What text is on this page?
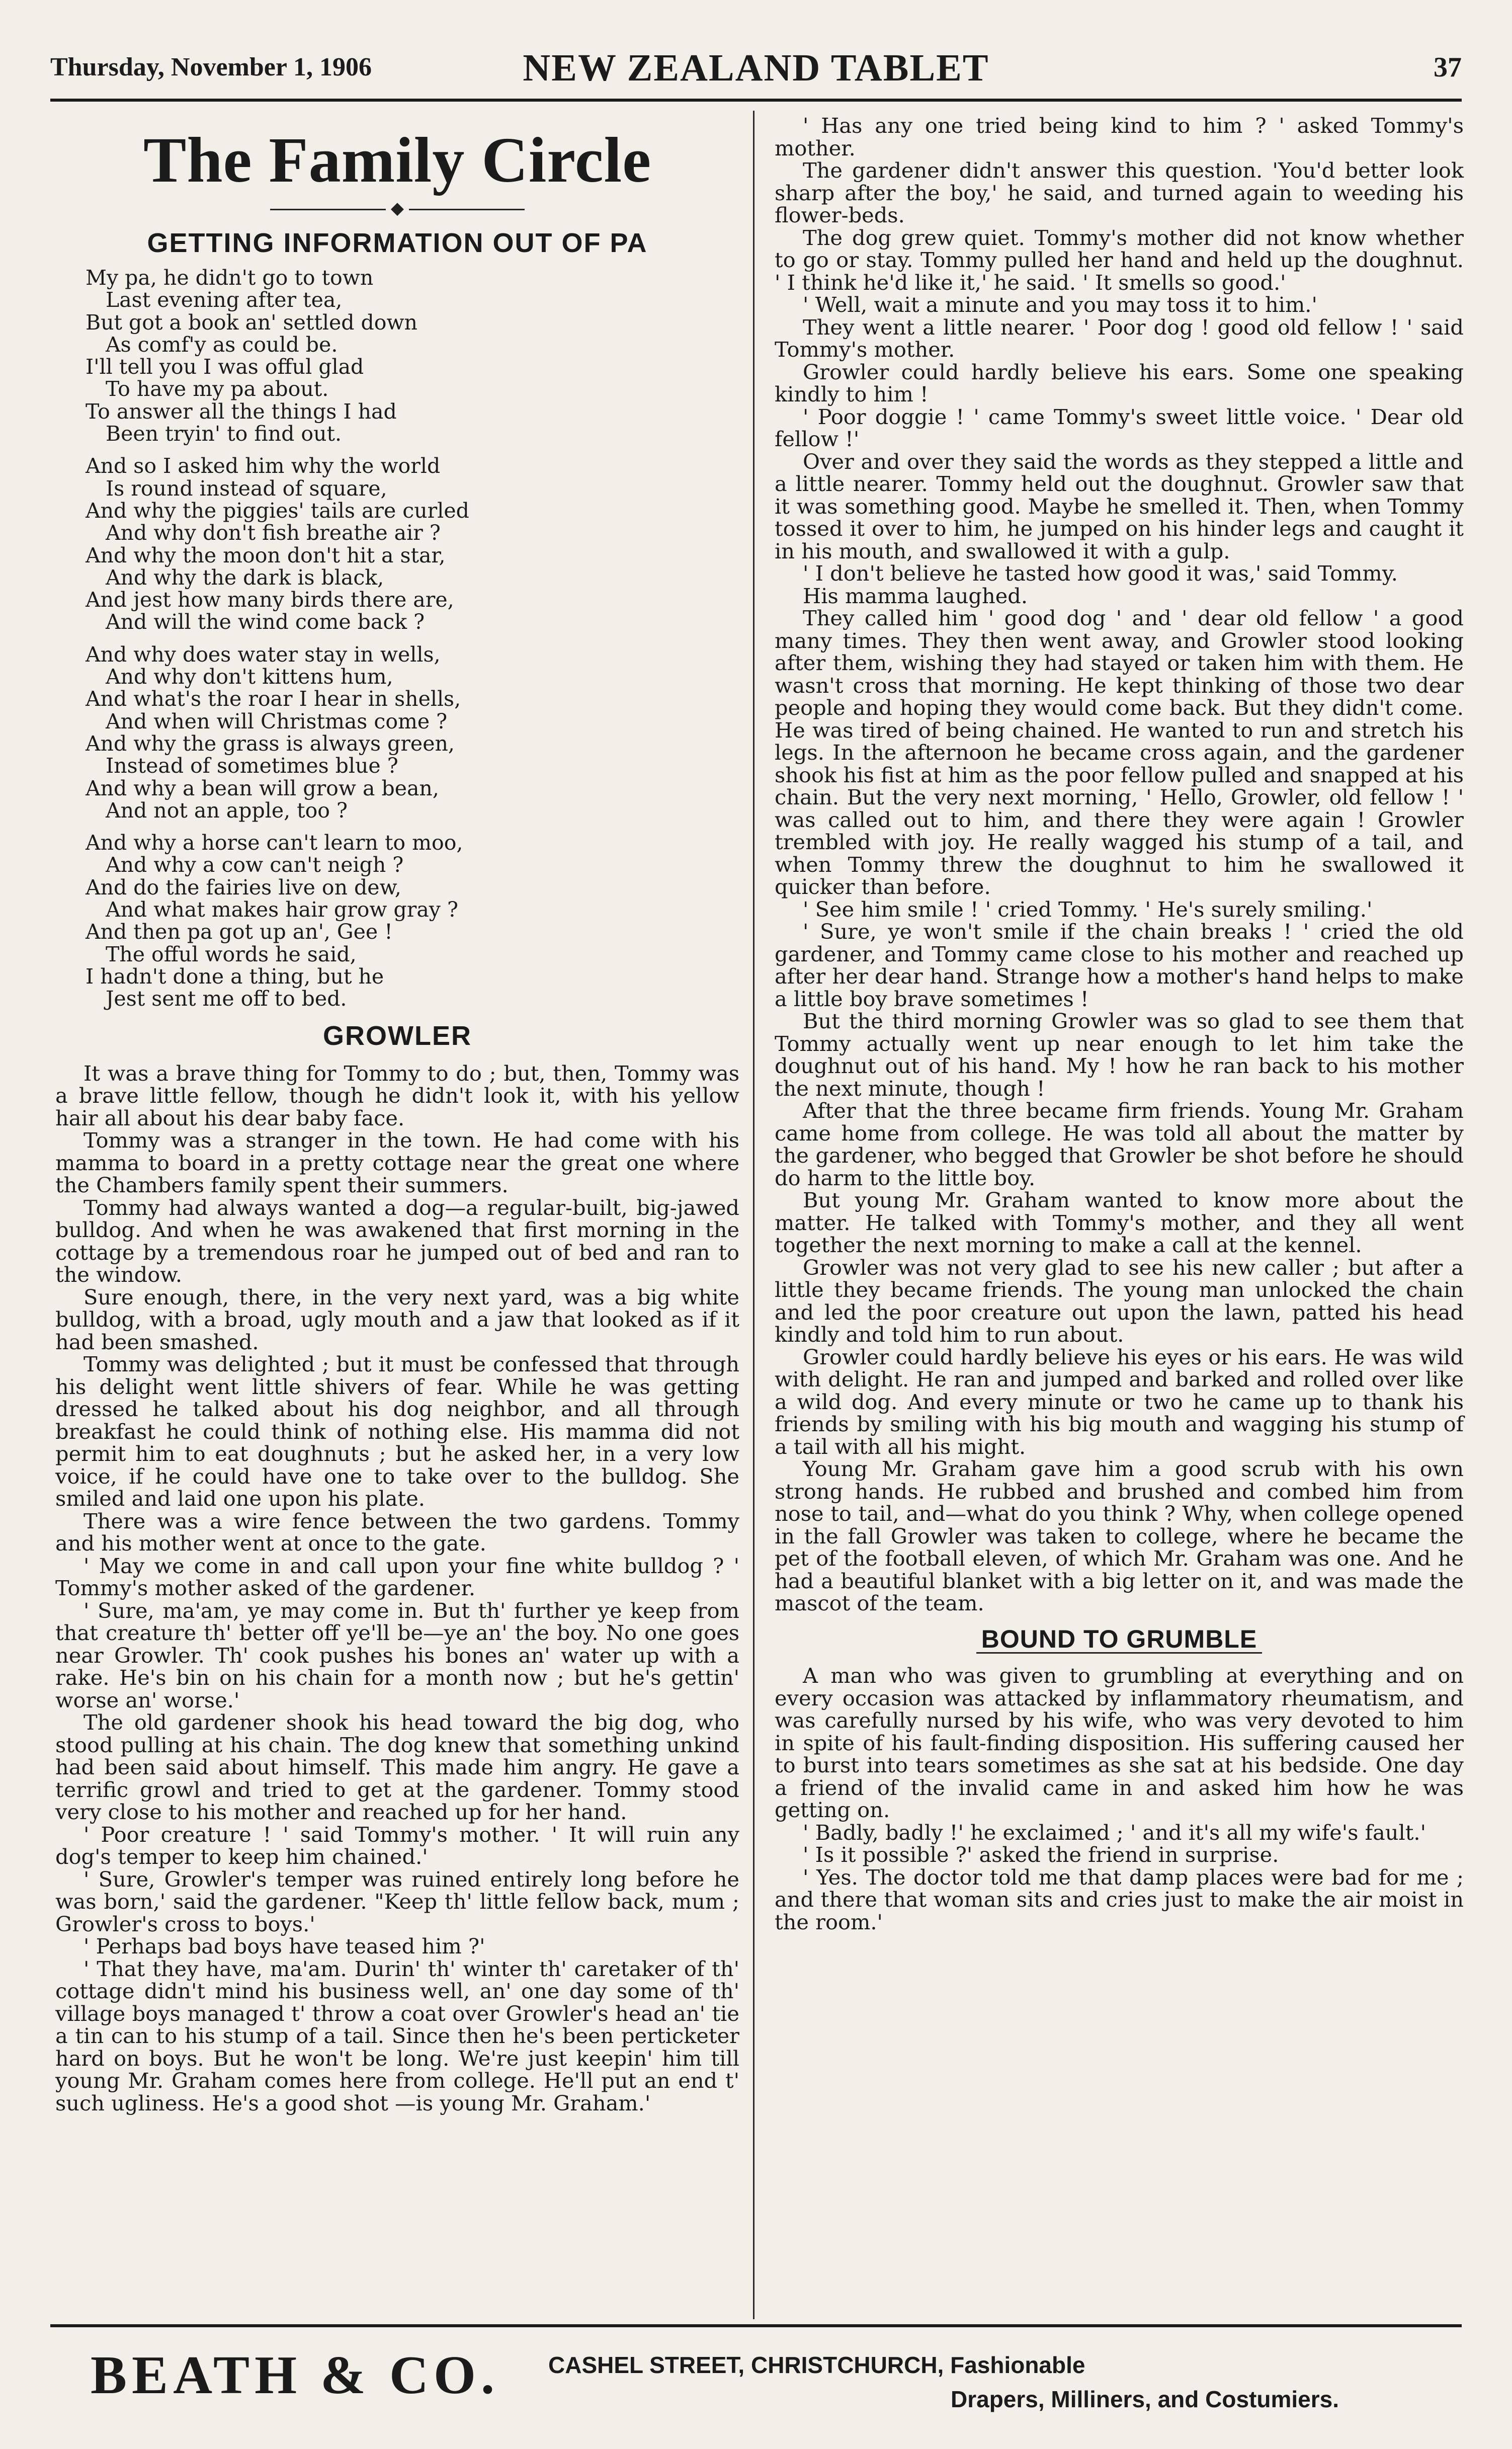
Thursday, November 1, 1906	NEW ZEALAND TABLET	37
The Family Circle
◆
GETTING INFORMATION OUT OF PA
My pa, he didn't go to town
Last evening after tea,
But got a book an' settled down
As comf'y as could be.
I'll tell you I was offul glad
To have my pa about.
To answer all the things I had
Been tryin' to find out.
And so I asked him why the world
Is round instead of square,
And why the piggies' tails are curled
And why don't fish breathe air ?
And why the moon don't hit a star,
And why the dark is black,
And jest how many birds there are,
And will the wind come back ?
And why does water stay in wells,
And why don't kittens hum,
And what's the roar I hear in shells,
And when will Christmas come ?
And why the grass is always green,
Instead of sometimes blue ?
And why a bean will grow a bean,
And not an apple, too ?
And why a horse can't learn to moo,
And why a cow can't neigh ?
And do the fairies live on dew,
And what makes hair grow gray ?
And then pa got up an', Gee !
The offul words he said,
I hadn't done a thing, but he
Jest sent me off to bed.
GROWLER

It was a brave thing for Tommy to do ; but, then, Tommy was a brave little fellow, though he didn't look it, with his yellow hair all about his dear baby face.

Tommy was a stranger in the town. He had come with his mamma to board in a pretty cottage near the great one where the Chambers family spent their summers.

Tommy had always wanted a dog—a regular-built, big-jawed bulldog. And when he was awakened that first morning in the cottage by a tremendous roar he jumped out of bed and ran to the window.

Sure enough, there, in the very next yard, was a big white bulldog, with a broad, ugly mouth and a jaw that looked as if it had been smashed.

Tommy was delighted ; but it must be confessed that through his delight went little shivers of fear. While he was getting dressed he talked about his dog neighbor, and all through breakfast he could think of nothing else. His mamma did not permit him to eat doughnuts ; but he asked her, in a very low voice, if he could have one to take over to the bulldog. She smiled and laid one upon his plate.

There was a wire fence between the two gardens. Tommy and his mother went at once to the gate.

' May we come in and call upon your fine white bulldog ? ' Tommy's mother asked of the gardener.

' Sure, ma'am, ye may come in. But th' further ye keep from that creature th' better off ye'll be—ye an' the boy. No one goes near Growler. Th' cook pushes his bones an' water up with a rake. He's bin on his chain for a month now ; but he's gettin' worse an' worse.'

The old gardener shook his head toward the big dog, who stood pulling at his chain. The dog knew that something unkind had been said about himself. This made him angry. He gave a terrific growl and tried to get at the gardener. Tommy stood very close to his mother and reached up for her hand.

' Poor creature ! ' said Tommy's mother. ' It will ruin any dog's temper to keep him chained.'

' Sure, Growler's temper was ruined entirely long before he was born,' said the gardener. "Keep th' little fellow back, mum ; Growler's cross to boys.'

' Perhaps bad boys have teased him ?'

' That they have, ma'am. Durin' th' winter th' caretaker of th' cottage didn't mind his business well, an' one day some of th' village boys managed t' throw a coat over Growler's head an' tie a tin can to his stump of a tail. Since then he's been perticketer hard on boys. But he won't be long. We're just keepin' him till young Mr. Graham comes here from college. He'll put an end t' such ugliness. He's a good shot —is young Mr. Graham.'

' Has any one tried being kind to him ? ' asked Tommy's mother.

The gardener didn't answer this question. 'You'd better look sharp after the boy,' he said, and turned again to weeding his flower-beds.

The dog grew quiet. Tommy's mother did not know whether to go or stay. Tommy pulled her hand and held up the doughnut. ' I think he'd like it,' he said. ' It smells so good.'

' Well, wait a minute and you may toss it to him.'

They went a little nearer. ' Poor dog ! good old fellow ! ' said Tommy's mother.

Growler could hardly believe his ears. Some one speaking kindly to him !

' Poor doggie ! ' came Tommy's sweet little voice. ' Dear old fellow !'

Over and over they said the words as they stepped a little and a little nearer. Tommy held out the doughnut. Growler saw that it was something good. Maybe he smelled it. Then, when Tommy tossed it over to him, he jumped on his hinder legs and caught it in his mouth, and swallowed it with a gulp.

' I don't believe he tasted how good it was,' said Tommy.

His mamma laughed.

They called him ' good dog ' and ' dear old fellow ' a good many times. They then went away, and Growler stood looking after them, wishing they had stayed or taken him with them. He wasn't cross that morning. He kept thinking of those two dear people and hoping they would come back. But they didn't come. He was tired of being chained. He wanted to run and stretch his legs. In the afternoon he became cross again, and the gardener shook his fist at him as the poor fellow pulled and snapped at his chain. But the very next morning, ' Hello, Growler, old fellow ! ' was called out to him, and there they were again ! Growler trembled with joy. He really wagged his stump of a tail, and when Tommy threw the doughnut to him he swallowed it quicker than before.

' See him smile ! ' cried Tommy. ' He's surely smiling.'

' Sure, ye won't smile if the chain breaks ! ' cried the old gardener, and Tommy came close to his mother and reached up after her dear hand. Strange how a mother's hand helps to make a little boy brave sometimes !

But the third morning Growler was so glad to see them that Tommy actually went up near enough to let him take the doughnut out of his hand. My ! how he ran back to his mother the next minute, though !

After that the three became firm friends. Young Mr. Graham came home from college. He was told all about the matter by the gardener, who begged that Growler be shot before he should do harm to the little boy.

But young Mr. Graham wanted to know more about the matter. He talked with Tommy's mother, and they all went together the next morning to make a call at the kennel.

Growler was not very glad to see his new caller ; but after a little they became friends. The young man unlocked the chain and led the poor creature out upon the lawn, patted his head kindly and told him to run about.

Growler could hardly believe his eyes or his ears. He was wild with delight. He ran and jumped and barked and rolled over like a wild dog. And every minute or two he came up to thank his friends by smiling with his big mouth and wagging his stump of a tail with all his might.

Young Mr. Graham gave him a good scrub with his own strong hands. He rubbed and brushed and combed him from nose to tail, and—what do you think ? Why, when college opened in the fall Growler was taken to college, where he became the pet of the football eleven, of which Mr. Graham was one. And he had a beautiful blanket with a big letter on it, and was made the mascot of the team.

BOUND TO GRUMBLE

A man who was given to grumbling at everything and on every occasion was attacked by inflammatory rheumatism, and was carefully nursed by his wife, who was very devoted to him in spite of his fault-finding disposition. His suffering caused her to burst into tears sometimes as she sat at his bedside. One day a friend of the invalid came in and asked him how he was getting on.

' Badly, badly !' he exclaimed ; ' and it's all my wife's fault.'

' Is it possible ?' asked the friend in surprise.

' Yes. The doctor told me that damp places were bad for me ; and there that woman sits and cries just to make the air moist in the room.'

BEATH & CO. CASHEL STREET, CHRISTCHURCH, Fashionable
Drapers, Milliners, and Costumiers.
